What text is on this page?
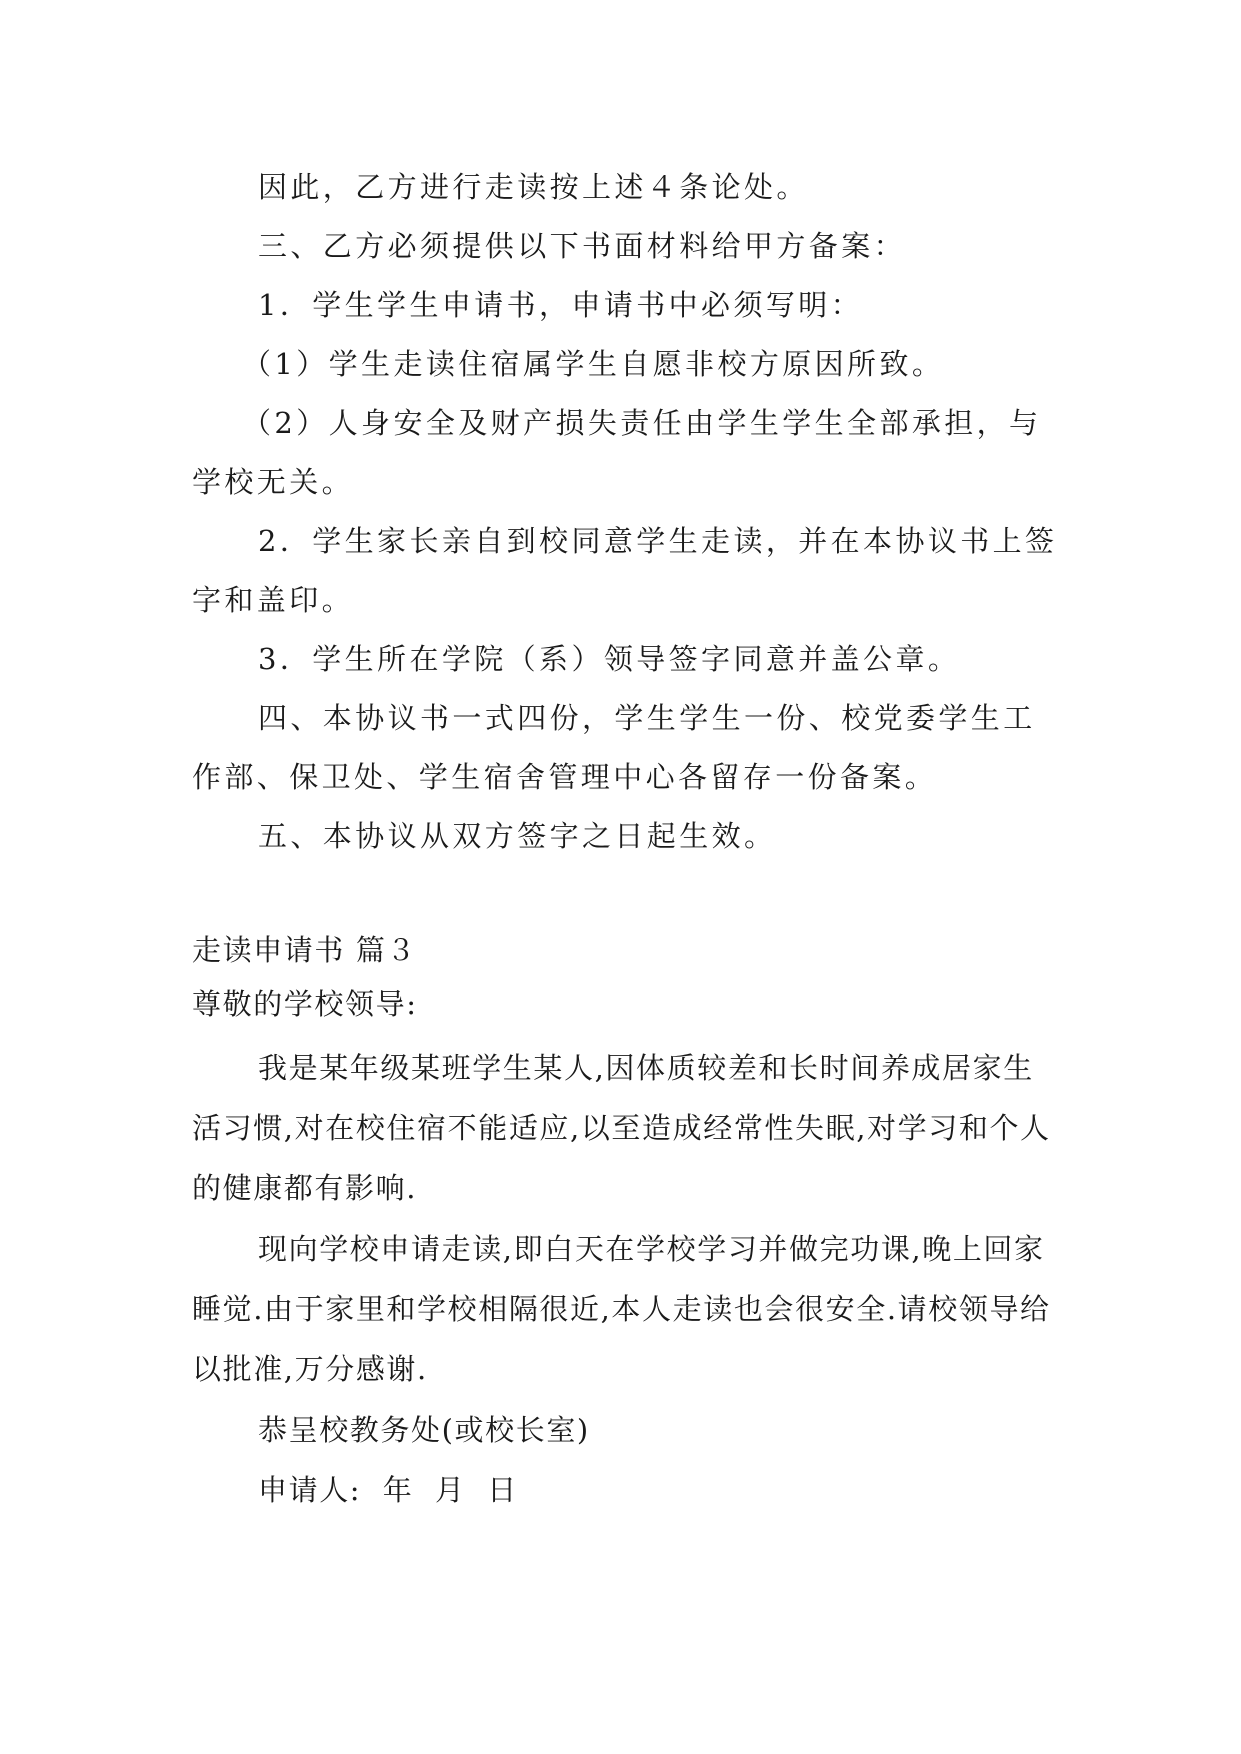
因此，乙方进行走读按上述４条论处。

三、乙方必须提供以下书面材料给甲方备案：

1．学生学生申请书，申请书中必须写明：

（1）学生走读住宿属学生自愿非校方原因所致。

（2）人身安全及财产损失责任由学生学生全部承担，与学校无关。

2．学生家长亲自到校同意学生走读，并在本协议书上签字和盖印。

3．学生所在学院（系）领导签字同意并盖公章。

四、本协议书一式四份，学生学生一份、校党委学生工作部、保卫处、学生宿舍管理中心各留存一份备案。

五、本协议从双方签字之日起生效。

走读申请书 篇３

尊敬的学校领导:

我是某年级某班学生某人,因体质较差和长时间养成居家生活习惯,对在校住宿不能适应,以至造成经常性失眠,对学习和个人的健康都有影响.

现向学校申请走读,即白天在学校学习并做完功课,晚上回家睡觉.由于家里和学校相隔很近,本人走读也会很安全.请校领导给以批准,万分感谢.

恭呈校教务处(或校长室)

申请人:  年  月  日
